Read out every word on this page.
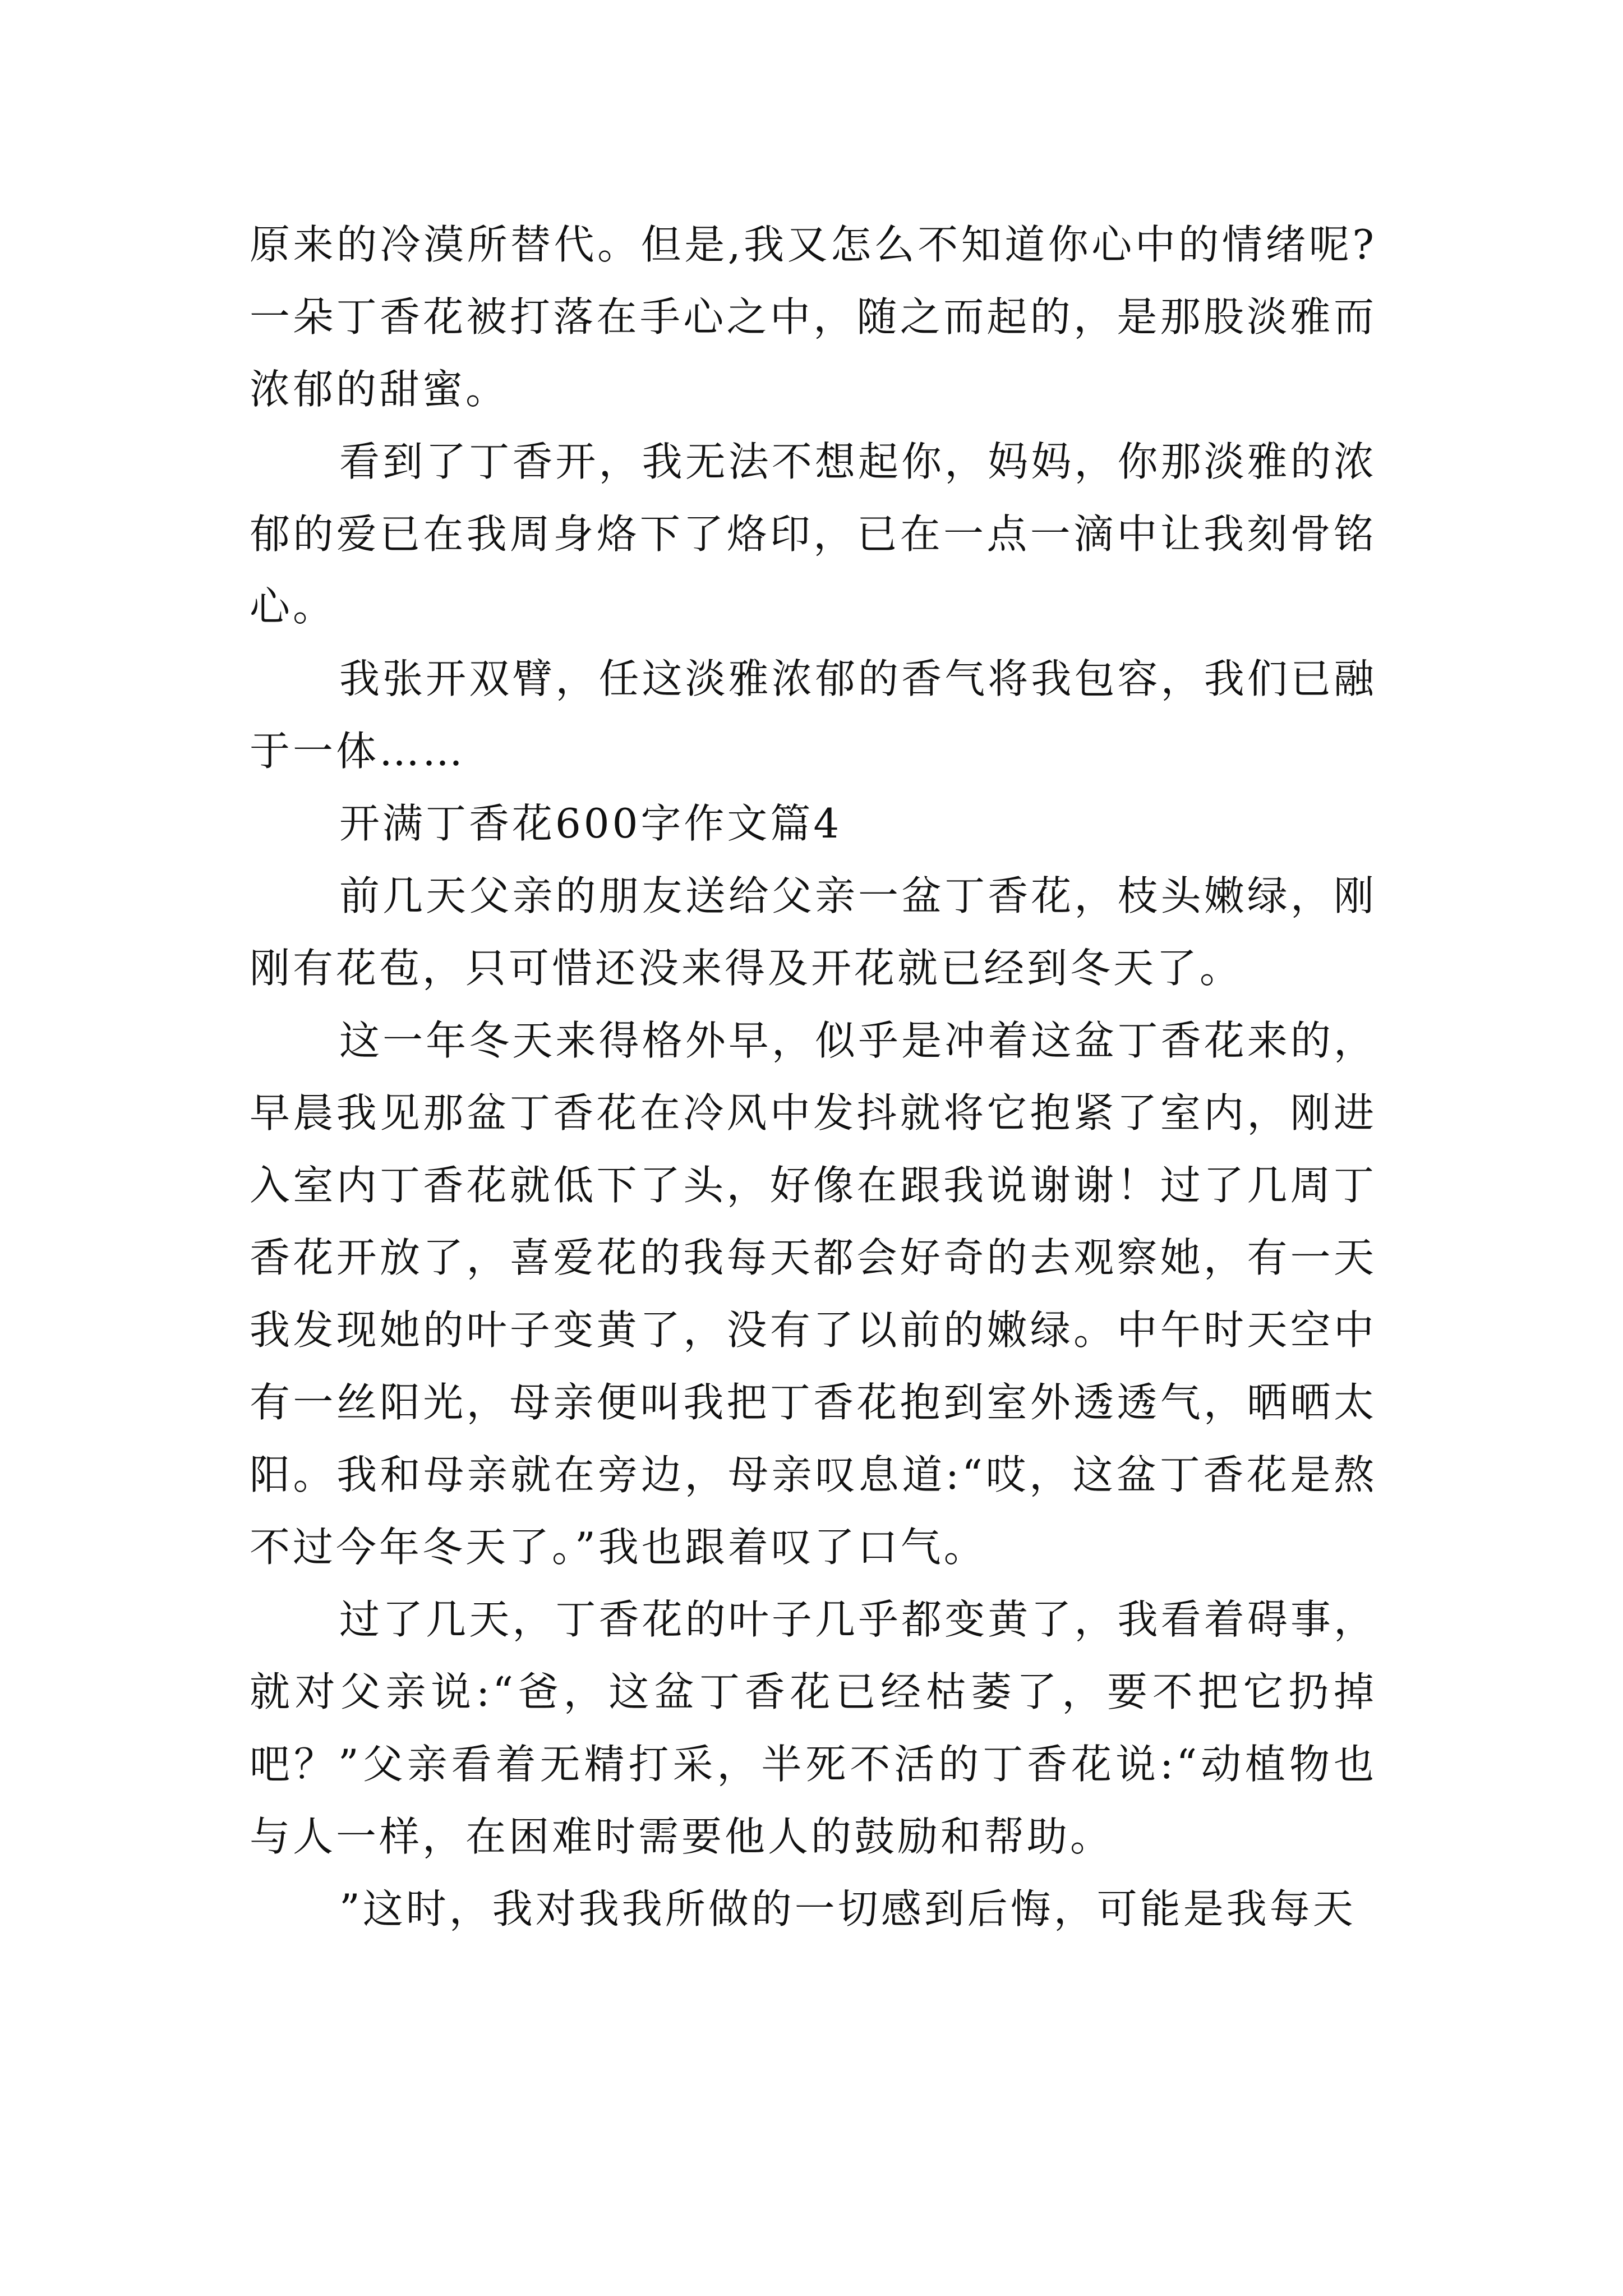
原来的冷漠所替代。但是,我又怎么不知道你心中的情绪呢?一朵丁香花被打落在手心之中，随之而起的，是那股淡雅而浓郁的甜蜜。

看到了丁香开，我无法不想起你，妈妈，你那淡雅的浓郁的爱已在我周身烙下了烙印，已在一点一滴中让我刻骨铭心。

我张开双臂，任这淡雅浓郁的香气将我包容，我们已融于一体……

开满丁香花600字作文篇4

前几天父亲的朋友送给父亲一盆丁香花，枝头嫩绿，刚刚有花苞，只可惜还没来得及开花就已经到冬天了。

这一年冬天来得格外早，似乎是冲着这盆丁香花来的，早晨我见那盆丁香花在冷风中发抖就将它抱紧了室内，刚进入室内丁香花就低下了头，好像在跟我说谢谢！过了几周丁香花开放了，喜爱花的我每天都会好奇的去观察她，有一天我发现她的叶子变黄了，没有了以前的嫩绿。中午时天空中有一丝阳光，母亲便叫我把丁香花抱到室外透透气，晒晒太阳。我和母亲就在旁边，母亲叹息道:“哎，这盆丁香花是熬不过今年冬天了。”我也跟着叹了口气。

过了几天，丁香花的叶子几乎都变黄了，我看着碍事，就对父亲说:“爸，这盆丁香花已经枯萎了，要不把它扔掉吧？”父亲看着无精打采，半死不活的丁香花说:“动植物也与人一样，在困难时需要他人的鼓励和帮助。

”这时，我对我我所做的一切感到后悔，可能是我每天
